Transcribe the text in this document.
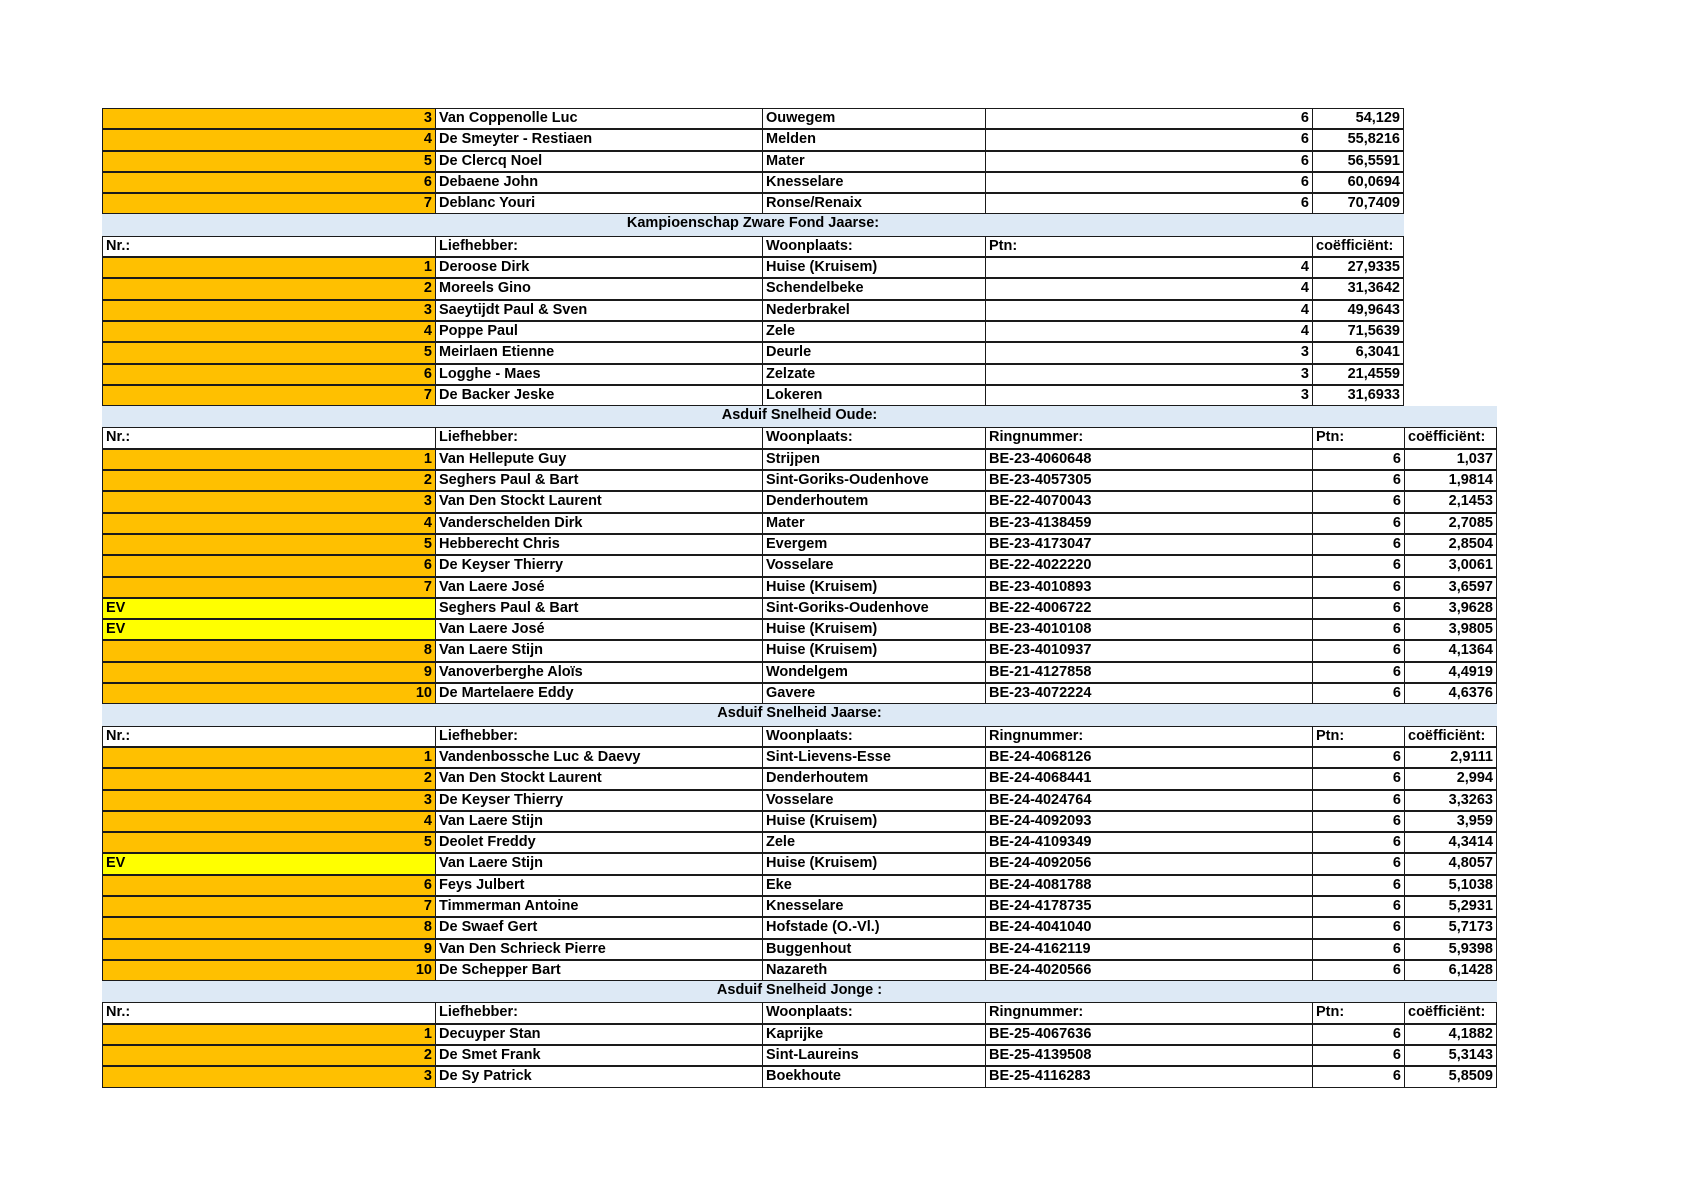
3 Van Coppenolle Luc	Ouwegem	6	54,129
4 De Smeyter - Restiaen	Melden	6	55,8216
5 De Clercq Noel	Mater	6	56,5591
6 Debaene John	Knesselare	6	60,0694
7 Deblanc Youri	Ronse/Renaix	6	70,7409
Kampioenschap Zware Fond Jaarse:
Nr.:	Liefhebber:	Woonplaats:	Ptn:	coëfficiënt:
1 Deroose Dirk	Huise (Kruisem)	4	27,9335
2 Moreels Gino	Schendelbeke	4	31,3642
3 Saeytijdt Paul & Sven	Nederbrakel	4	49,9643
4 Poppe Paul	Zele	4	71,5639
5 Meirlaen Etienne	Deurle	3	6,3041
6 Logghe - Maes	Zelzate	3	21,4559
7 De Backer Jeske	Lokeren	3	31,6933
Asduif Snelheid Oude:
Nr.:	Liefhebber:	Woonplaats:	Ringnummer:	Ptn:	coëfficiënt:
1 Van Hellepute Guy	Strijpen	BE-23-4060648	6	1,037
2 Seghers Paul & Bart	Sint-Goriks-Oudenhove	BE-23-4057305	6	1,9814
3 Van Den Stockt Laurent	Denderhoutem	BE-22-4070043	6	2,1453
4 Vanderschelden Dirk	Mater	BE-23-4138459	6	2,7085
5 Hebberecht Chris	Evergem	BE-23-4173047	6	2,8504
6 De Keyser Thierry	Vosselare	BE-22-4022220	6	3,0061
7 Van Laere José	Huise (Kruisem)	BE-23-4010893	6	3,6597
EV	Seghers Paul & Bart	Sint-Goriks-Oudenhove	BE-22-4006722	6	3,9628
EV	Van Laere José	Huise (Kruisem)	BE-23-4010108	6	3,9805
8 Van Laere Stijn	Huise (Kruisem)	BE-23-4010937	6	4,1364
9 Vanoverberghe Aloïs	Wondelgem	BE-21-4127858	6	4,4919
10 De Martelaere Eddy	Gavere	BE-23-4072224	6	4,6376
Asduif Snelheid Jaarse:
Nr.:	Liefhebber:	Woonplaats:	Ringnummer:	Ptn:	coëfficiënt:
1 Vandenbossche Luc & Daevy	Sint-Lievens-Esse	BE-24-4068126	6	2,9111
2 Van Den Stockt Laurent	Denderhoutem	BE-24-4068441	6	2,994
3 De Keyser Thierry	Vosselare	BE-24-4024764	6	3,3263
4 Van Laere Stijn	Huise (Kruisem)	BE-24-4092093	6	3,959
5 Deolet Freddy	Zele	BE-24-4109349	6	4,3414
EV	Van Laere Stijn	Huise (Kruisem)	BE-24-4092056	6	4,8057
6 Feys Julbert	Eke	BE-24-4081788	6	5,1038
7 Timmerman Antoine	Knesselare	BE-24-4178735	6	5,2931
8 De Swaef Gert	Hofstade (O.-Vl.)	BE-24-4041040	6	5,7173
9 Van Den Schrieck Pierre	Buggenhout	BE-24-4162119	6	5,9398
10 De Schepper Bart	Nazareth	BE-24-4020566	6	6,1428
Asduif Snelheid Jonge :
Nr.:	Liefhebber:	Woonplaats:	Ringnummer:	Ptn:	coëfficiënt:
1 Decuyper Stan	Kaprijke	BE-25-4067636	6	4,1882
2 De Smet Frank	Sint-Laureins	BE-25-4139508	6	5,3143
3 De Sy Patrick	Boekhoute	BE-25-4116283	6	5,8509
